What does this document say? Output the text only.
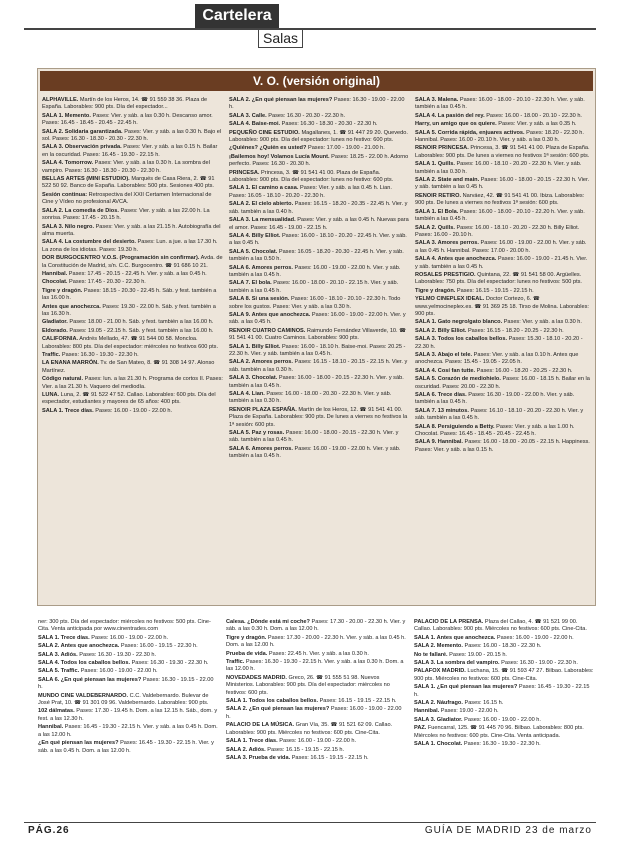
Cartelera
Salas
V. O. (versión original)

ALPHAVILLE. Martín de los Heros, 14. ☎ 91 559 38 36. Plaza de España. Laborables: 900 pts. Día del espectador...

SALA 1. Memento. Pases: Vier. y sáb. a las 0.30 h. Descanso amor. Pases: 16.45 - 18.45 - 20.45 - 22.45 h.

SALA 2. Solidaria garantizada. Pases: Vier. y sáb. a las 0.30 h. Bajo el sol. Pases: 16.30 - 18.30 - 20.30 - 22.30 h.

SALA 3. Observación privada. Pases: Vier. y sáb. a las 0.15 h. Bailar en la oscuridad. Pases: 16.45 - 19.30 - 22.15 h.

SALA 4. Tomorrow. Pases: Vier. y sáb. a las 0.30 h. La sombra del vampiro. Pases: 16.30 - 18.30 - 20.30 - 22.30 h.

BELLAS ARTES (MINI ESTUDIO). Marqués de Casa Riera, 2. ☎ 91 522 50 92. Banco de España. Laborables: 500 pts. Sesiones 400 pts.

Sesión continua: Retrospectiva del XXII Certamen Internacional de Cine y Vídeo no profesional AVCA.

SALA 2. La comedia de Dios. Pases: Vier. y sáb. a las 22.00 h. La sonrisa. Pases: 17.45 - 20.15 h.

SALA 3. Nilo negro. Pases: Vier. y sáb. a las 21.15 h. Autobiografía del alma muerta.

SALA 4. La costumbre del desierto. Pases: Lun. a jue. a las 17.30 h. La zona de los idiotas. Pases: 19.30 h.

DOR BURGOCENTRO V.O.S. (Programación sin confirmar). Avda. de la Constitución de Madrid, s/n. C.C. Burgocentro. ☎ 91 686 10 21.

Hannibal. Pases: 17.45 - 20.15 - 22.45 h. Vier. y sáb. a las 0.45 h.

Chocolat. Pases: 17.45 - 20.30 - 22.30 h.

Tigre y dragón. Pases: 18.15 - 20.30 - 22.45 h. Sáb. y fest. también a las 16.00 h.

Antes que anochezca. Pases: 19.30 - 22.00 h. Sáb. y fest. también a las 16.30 h.

Gladiator. Pases: 18.00 - 21.00 h. Sáb. y fest. también a las 16.00 h.

Eldorado. Pases: 19.05 - 22.15 h. Sáb. y fest. también a las 16.00 h.

CALIFORNIA. Andrés Mellado, 47. ☎ 91 544 00 58. Moncloa. Laborables: 800 pts. Día del espectador: miércoles no festivos 600 pts.

Traffic. Pases: 16.30 - 19.30 - 22.30 h.

LA ENANA MARRÓN. Tv. de San Mateo, 8. ☎ 91 308 14 97. Alonso Martínez.

Código natural. Pases: lun. a las 21.30 h. Programa de cortos II. Pases: Vier. a las 21.30 h. Vaquero del mediodía.

LUNA. Luna, 2. ☎ 91 522 47 52. Callao. Laborables: 600 pts. Día del espectador, estudiantes y mayores de 65 años: 400 pts.

SALA 1. Trece días. Pases: 16.00 - 19.00 - 22.00 h.

SALA 2. ¿En qué piensan las mujeres? Pases: 16.30 - 19.00 - 22.00 h.

SALA 3. Calle. Pases: 16.30 - 20.30 - 22.30 h.

SALA 4. Baise-moi. Pases: 16.30 - 18.30 - 20.30 - 22.30 h.

PEQUEÑO CINE ESTUDIO. Magallanes, 1. ☎ 91 447 29 20. Quevedo. Laborables: 900 pts. Día del espectador: lunes no festivo: 600 pts.

¿Quiénes? ¿Quién es usted? Pases: 17.00 - 19.00 - 21.00 h.

¡Bailemos hoy! Volamos Lucía Mount. Pases: 18.25 - 22.00 h. Adorno perfecto. Pases: 16.30 - 20.30 h.

PRINCESA. Princesa, 3. ☎ 91 541 41 00. Plaza de España. Laborables: 900 pts. Día del espectador: lunes no festivo: 600 pts.

SALA 1. El camino a casa. Pases: Vier. y sáb. a las 0.45 h. Lian. Pases: 16.05 - 18.10 - 20.20 - 22.30 h.

SALA 2. El cielo abierto. Pases: 16.15 - 18.20 - 20.35 - 22.45 h. Vier. y sáb. también a las 0.40 h.

SALA 3. La mensualidad. Pases: Vier. y sáb. a las 0.45 h. Nuevas para el amor. Pases: 16.45 - 19.00 - 22.15 h.

SALA 4. Billy Elliot. Pases: 16.00 - 18.10 - 20.20 - 22.45 h. Vier. y sáb. a las 0.45 h.

SALA 5. Chocolat. Pases: 16.05 - 18.20 - 20.30 - 22.45 h. Vier. y sáb. también a las 0.50 h.

SALA 6. Amores perros. Pases: 16.00 - 19.00 - 22.00 h. Vier. y sáb. también a las 0.45 h.

SALA 7. El bola. Pases: 16.00 - 18.00 - 20.10 - 22.15 h. Vier. y sáb. también a las 0.45 h.

SALA 8. Si una sesión. Pases: 16.00 - 18.10 - 20.10 - 22.30 h. Todo sobre los gustos. Pases: Vier. y sáb. a las 0.30 h.

SALA 9. Antes que anochezca. Pases: 16.00 - 19.00 - 22.00 h. Vier. y sáb. a las 0.45 h.

RENOIR CUATRO CAMINOS. Raimundo Fernández Villaverde, 10. ☎ 91 541 41 00. Cuatro Caminos. Laborables: 900 pts.

SALA 1. Billy Elliot. Pases: 16.00 - 18.10 h. Baise-moi. Pases: 20.25 - 22.30 h. Vier. y sáb. también a las 0.45 h.

SALA 2. Amores perros. Pases: 16.15 - 18.10 - 20.15 - 22.15 h. Vier. y sáb. también a las 0.30 h.

SALA 3. Chocolat. Pases: 16.00 - 18.00 - 20.15 - 22.30 h. Vier. y sáb. también a las 0.45 h.

SALA 4. Lian. Pases: 16.00 - 18.00 - 20.30 - 22.30 h. Vier. y sáb. también a las 0.30 h.

RENOIR PLAZA ESPAÑA. Martín de los Heros, 12. ☎ 91 541 41 00. Plaza de España. Laborables: 900 pts. De lunes a viernes no festivos la 1ª sesión: 600 pts.

SALA 5. Paz y rosas. Pases: 16.00 - 18.00 - 20.15 - 22.30 h. Vier. y sáb. también a las 0.45 h.

SALA 6. Amores perros. Pases: 16.00 - 19.00 - 22.00 h. Vier. y sáb. también a las 0.45 h.

SALA 3. Malena. Pases: 16.00 - 18.00 - 20.10 - 22.30 h. Vier. y sáb. también a las 0.45 h.

SALA 4. La pasión del rey. Pases: 16.00 - 18.00 - 20.10 - 22.30 h.

Harry, un amigo que os quiere. Pases: Vier. y sáb. a las 0.35 h.

SALA 5. Corrida rápida, enjuares activos. Pases: 18.20 - 22.30 h. Hannibal. Pases: 16.00 - 20.10 h. Vier. y sáb. a las 0.30 h.

RENOIR PRINCESA. Princesa, 3. ☎ 91 541 41 00. Plaza de España. Laborables: 900 pts. De lunes a viernes no festivos 1ª sesión: 600 pts.

SALA 1. Quills. Pases: 16.00 - 18.10 - 20.20 - 22.30 h. Vier. y sáb. también a las 0.30 h.

SALA 2. State and main. Pases: 16.00 - 18.00 - 20.15 - 22.30 h. Vier. y sáb. también a las 0.45 h.

RENOIR RETIRO. Narváez, 42. ☎ 91 541 41 00. Ibiza. Laborables: 900 pts. De lunes a viernes no festivos 1ª sesión: 600 pts.

SALA 1. El Bola. Pases: 16.00 - 18.00 - 20.10 - 22.20 h. Vier. y sáb. también a las 0.45 h.

SALA 2. Quills. Pases: 16.00 - 18.10 - 20.20 - 22.30 h. Billy Elliot. Pases: 16.00 - 20.10 h.

SALA 3. Amores perros. Pases: 16.00 - 19.00 - 22.00 h. Vier. y sáb. a las 0.45 h. Hannibal. Pases: 17.00 - 20.00 h.

SALA 4. Antes que anochezca. Pases: 16.00 - 19.00 - 21.45 h. Vier. y sáb. también a las 0.45 h.

ROSALES PRESTIGIO. Quintana, 22. ☎ 91 541 58 00. Argüelles. Laborables: 750 pts. Día del espectador: lunes no festivos: 500 pts.

Tigre y dragón. Pases: 16.15 - 19.15 - 22.15 h.

YELMO CINEPLEX IDEAL. Doctor Cortezo, 6. ☎ www.yelmocineplex.es. ☎ 91 369 25 18. Tirso de Molina. Laborables: 900 pts.

SALA 1. Gato negro/gato blanco. Pases: Vier. y sáb. a las 0.30 h.

SALA 2. Billy Elliot. Pases: 16.15 - 18.20 - 20.25 - 22.30 h.

SALA 3. Todos los caballos bellos. Pases: 15.30 - 18.10 - 20.20 - 22.30 h.

SALA 3. Abajo el tele. Pases: Vier. y sáb. a las 0.10 h. Antes que anochezca. Pases: 15.45 - 19.05 - 22.05 h.

SALA 4. Cosí fan tutte. Pases: 16.00 - 18.20 - 20.25 - 22.30 h.

SALA 5. Corazón de mediohielo. Pases: 16.00 - 18.15 h. Bailar en la oscuridad. Pases: 20.00 - 22.30 h.

SALA 6. Trece días. Pases: 16.30 - 19.00 - 22.00 h. Vier. y sáb. también a las 0.45 h.

SALA 7. 13 minutos. Pases: 16.10 - 18.10 - 20.20 - 22.30 h. Vier. y sáb. también a las 0.45 h.

SALA 8. Persiguiendo a Betty. Pases: Vier. y sáb. a las 1.00 h. Chocolat. Pases: 16.45 - 18.45 - 20.45 - 22.45 h.

SALA 9. Hannibal. Pases: 16.00 - 18.00 - 20.05 - 22.15 h. Happiness. Pases: Vier. y sáb. a las 0.15 h.

ner: 300 pts. Día del espectador: miércoles no festivos: 500 pts. Cine-Cita. Venta anticipada por www.cinentrades.com

SALA 1. Trece días. Pases: 16.00 - 19.00 - 22.00 h.

SALA 2. Antes que anochezca. Pases: 16.00 - 19.15 - 22.30 h.

SALA 3. Adiós. Pases: 16.30 - 19.30 - 22.30 h.

SALA 4. Todos los caballos bellos. Pases: 16.30 - 19.30 - 22.30 h.

SALA 5. Traffic. Pases: 16.00 - 19.00 - 22.00 h.

SALA 6. ¿En qué piensan las mujeres? Pases: 16.30 - 19.15 - 22.00 h.

MUNDO CINE VALDEBERNARDO. C.C. Valdebernardo. Bulevar de José Prat, 10. ☎ 91 301 09 96. Valdebernardo. Laborables: 900 pts.

102 dálmatas. Pases: 17.30 - 19.45 h. Dom. a las 12.15 h. Sáb., dom. y fest. a las 12.30 h.

Hannibal. Pases: 16.45 - 19.30 - 22.15 h. Vier. y sáb. a las 0.45 h. Dom. a las 12.00 h.

¿En qué piensan las mujeres? Pases: 16.45 - 19.30 - 22.15 h. Vier. y sáb. a las 0.45 h. Dom. a las 12.00 h.

Calesa. ¿Dónde está mi coche? Pases: 17.30 - 20.00 - 22.30 h. Vier. y sáb. a las 0.30 h. Dom. a las 12.00 h.

Tigre y dragón. Pases: 17.30 - 20.00 - 22.30 h. Vier. y sáb. a las 0.45 h. Dom. a las 12.00 h.

Prueba de vida. Pases: 22.45 h. Vier. y sáb. a las 0.30 h.

Traffic. Pases: 16.30 - 19.30 - 22.15 h. Vier. y sáb. a las 0.30 h. Dom. a las 12.00 h.

NOVEDADES MADRID. Greco, 26. ☎ 91 555 51 98. Nuevos Ministerios. Laborables: 900 pts. Día del espectador: miércoles no festivos: 600 pts.

SALA 1. Todos los caballos bellos. Pases: 16.15 - 19.15 - 22.15 h.

SALA 2. ¿En qué piensan las mujeres? Pases: 16.00 - 19.00 - 22.00 h.

PALACIO DE LA MÚSICA. Gran Vía, 35. ☎ 91 521 62 09. Callao. Laborables: 900 pts. Miércoles no festivos: 600 pts. Cine-Cita.

SALA 1. Trece días. Pases: 16.00 - 19.00 - 22.00 h.

SALA 2. Adiós. Pases: 16.15 - 19.15 - 22.15 h.

SALA 3. Prueba de vida. Pases: 16.15 - 19.15 - 22.15 h.

PALACIO DE LA PRENSA. Plaza del Callao, 4. ☎ 91 521 99 00. Callao. Laborables: 900 pts. Miércoles no festivos: 600 pts. Cine-Cita.

SALA 1. Antes que anochezca. Pases: 16.00 - 19.00 - 22.00 h.

SALA 2. Memento. Pases: 16.00 - 18.30 - 22.30 h.

No te fallaré. Pases: 19.00 - 20.15 h.

SALA 3. La sombra del vampiro. Pases: 16.30 - 19.00 - 22.30 h.

PALAFOX MADRID. Luchana, 15. ☎ 91 593 47 27. Bilbao. Laborables: 900 pts. Miércoles no festivos: 600 pts. Cine-Cita.

SALA 1. ¿En qué piensan las mujeres? Pases: 16.45 - 19.30 - 22.15 h.

SALA 2. Náufrago. Pases: 16.15 h.

Hannibal. Pases: 19.00 - 22.00 h.

SALA 3. Gladiator. Pases: 16.00 - 19.00 - 22.00 h.

PAZ. Fuencarral, 125. ☎ 91 445 70 96. Bilbao. Laborables: 800 pts. Miércoles no festivos: 600 pts. Cine-Cita. Venta anticipada.

SALA 1. Chocolat. Pases: 16.30 - 19.30 - 22.30 h.

PÁG.26	GUÍA DE MADRID 23 de marzo
